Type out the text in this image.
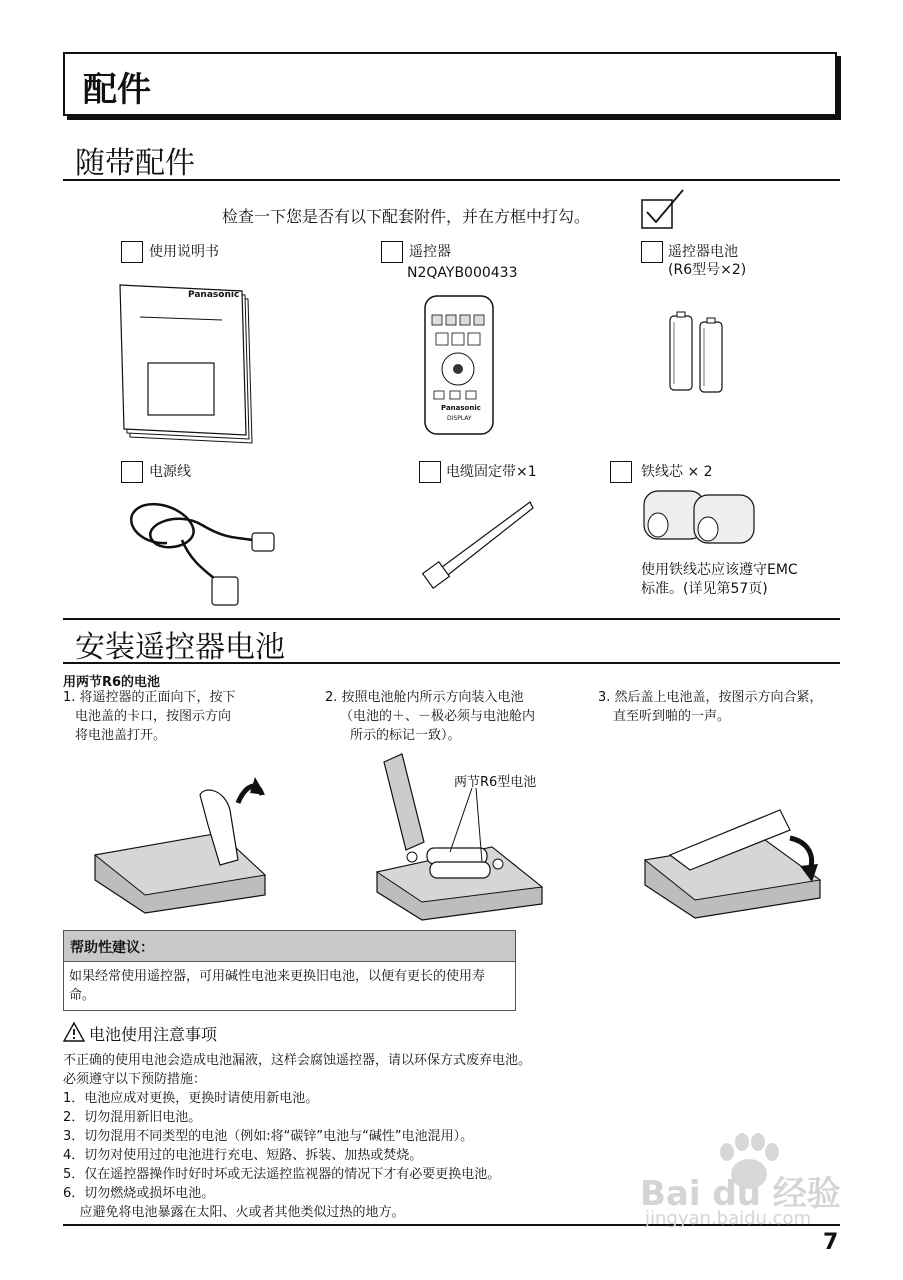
配件
随带配件
检查一下您是否有以下配套附件，并在方框中打勾。
使用说明书
Panasonic
遥控器
N2QAYB000433
Panasonic
DISPLAY
遥控器电池
(R6型号×2)
电源线	电缆固定带×1	铁线芯 × 2
使用铁线芯应该遵守EMC
标准。(详见第57页)
安装遥控器电池
用两节R6的电池
1. 将遥控器的正面向下，按下
电池盖的卡口，按图示方向
将电池盖打开。
2. 按照电池舱内所示方向装入电池
（电池的＋、－极必须与电池舱内
所示的标记一致）。
3. 然后盖上电池盖，按图示方向合紧，
直至听到啪的一声。
两节R6型电池
帮助性建议：
如果经常使用遥控器，可用碱性电池来更换旧电池，以便有更长的使用寿命。
电池使用注意事项
不正确的使用电池会造成电池漏液，这样会腐蚀遥控器，请以环保方式废弃电池。
必须遵守以下预防措施：
1．电池应成对更换，更换时请使用新电池。
2．切勿混用新旧电池。
3．切勿混用不同类型的电池（例如:将“碳锌”电池与“碱性”电池混用）。
4．切勿对使用过的电池进行充电、短路、拆装、加热或焚烧。
5．仅在遥控器操作时好时坏或无法遥控监视器的情况下才有必要更换电池。
6．切勿燃烧或损坏电池。
应避免将电池暴露在太阳、火或者其他类似过热的地方。
7
Bai du 经验
jingyan.baidu.com
